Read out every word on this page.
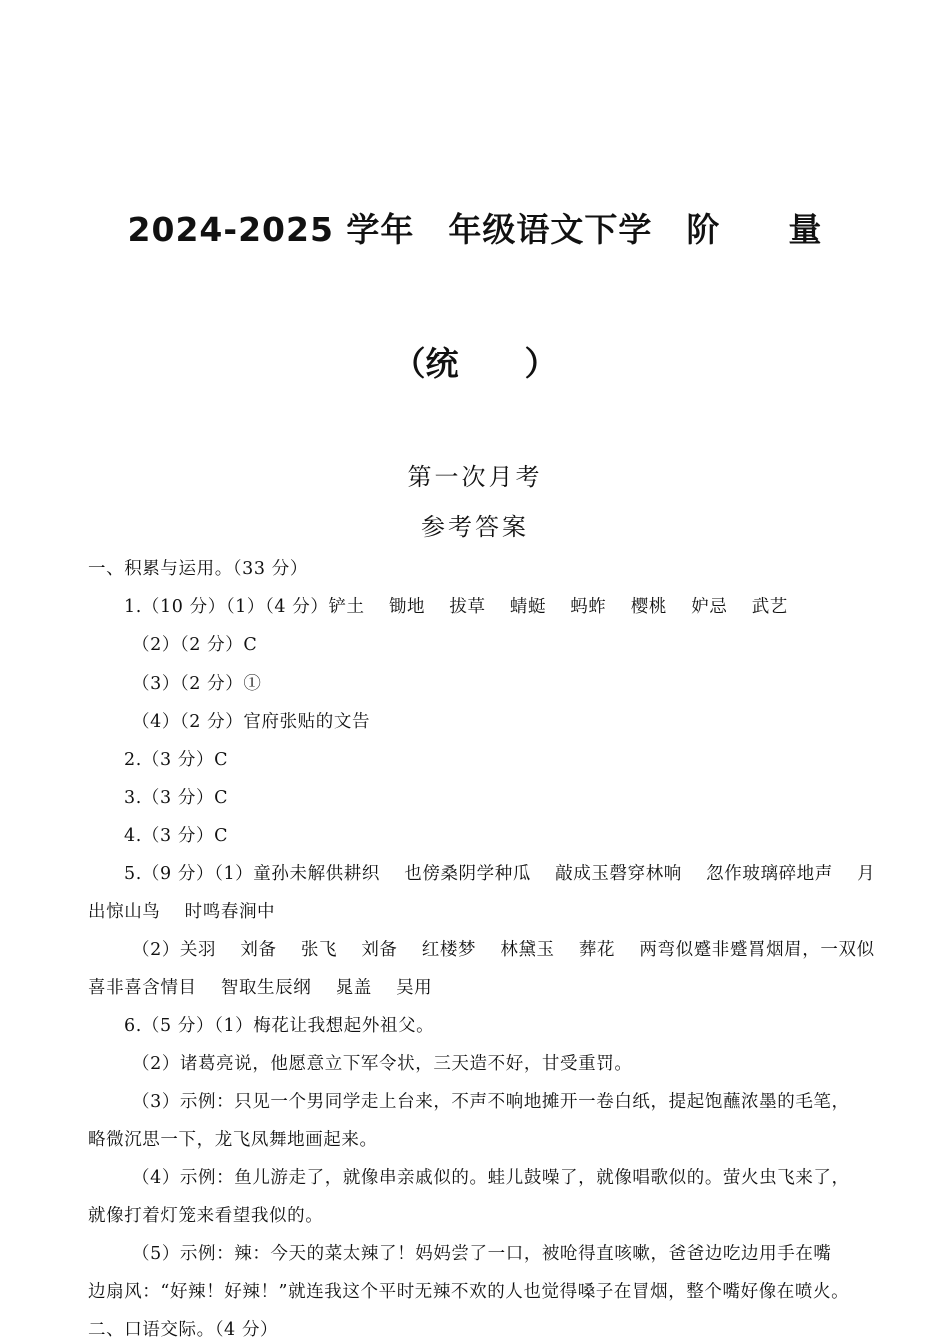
2024-2025 学年　年级语文下学　阶　　量
（统　　）
第一次月考
参考答案
一、积累与运用。（33 分）
1.（10 分）（1）（4 分）铲土　 锄地　 拔草　 蜻蜓　 蚂蚱　 樱桃　 妒忌　 武艺
（2）（2 分）C
（3）（2 分）①
（4）（2 分）官府张贴的文告
2.（3 分）C
3.（3 分）C
4.（3 分）C
5.（9 分）（1）童孙未解供耕织　 也傍桑阴学种瓜　 敲成玉磬穿林响　 忽作玻璃碎地声　 月
出惊山鸟　 时鸣春涧中
（2）关羽　 刘备　 张飞　 刘备　 红楼梦　 林黛玉　 葬花　 两弯似蹙非蹙罥烟眉，一双似
喜非喜含情目　 智取生辰纲　 晁盖　 吴用
6.（5 分）（1）梅花让我想起外祖父。
（2）诸葛亮说，他愿意立下军令状，三天造不好，甘受重罚。
（3）示例：只见一个男同学走上台来，不声不响地摊开一卷白纸，提起饱蘸浓墨的毛笔，
略微沉思一下，龙飞凤舞地画起来。
（4）示例：鱼儿游走了，就像串亲戚似的。蛙儿鼓噪了，就像唱歌似的。萤火虫飞来了，
就像打着灯笼来看望我似的。
（5）示例：辣：今天的菜太辣了！妈妈尝了一口，被呛得直咳嗽，爸爸边吃边用手在嘴
边扇风：“好辣！好辣！”就连我这个平时无辣不欢的人也觉得嗓子在冒烟，整个嘴好像在喷火。
二、口语交际。（4 分）
